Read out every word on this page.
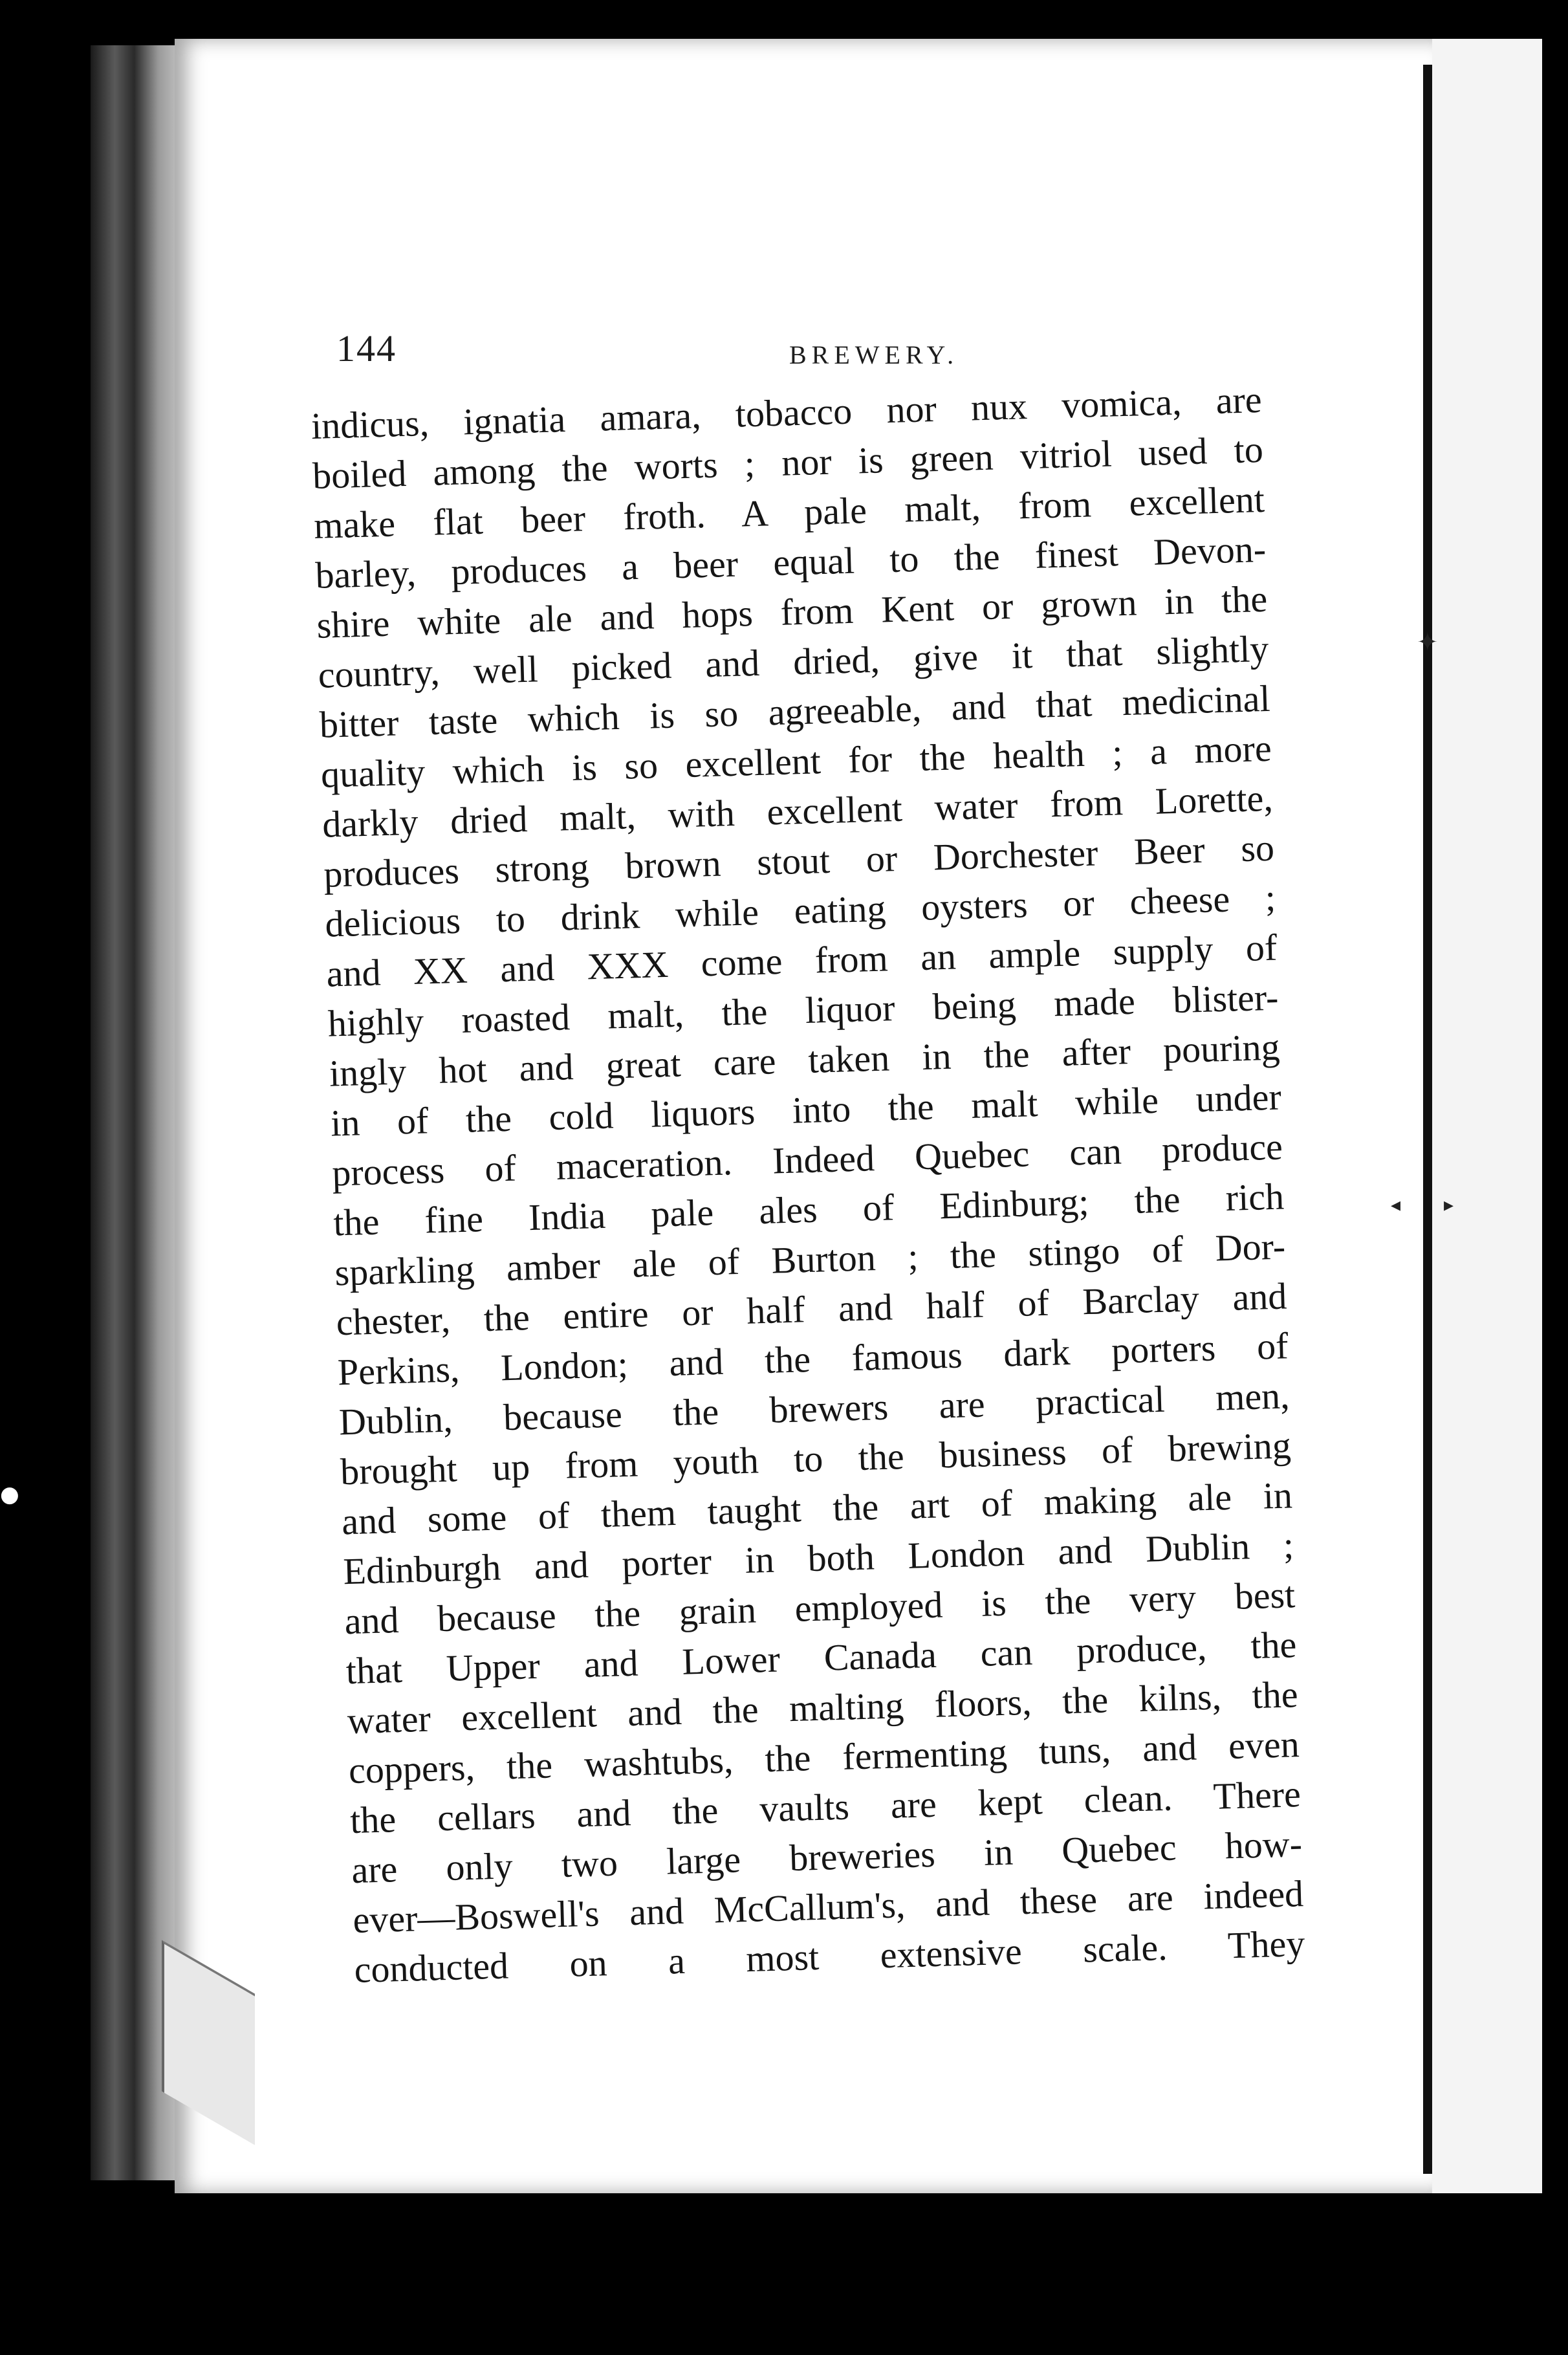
✦
◂ ▸
●
144	BREWERY.
indicus, ignatia amara, tobacco nor nux vomica, are
boiled among the worts ; nor is green vitriol used to
make flat beer froth. A pale malt, from excellent
barley, produces a beer equal to the finest Devon-
shire white ale and hops from Kent or grown in the
country, well picked and dried, give it that slightly
bitter taste which is so agreeable, and that medicinal
quality which is so excellent for the health ; a more
darkly dried malt, with excellent water from Lorette,
produces strong brown stout or Dorchester Beer so
delicious to drink while eating oysters or cheese ;
and XX and XXX come from an ample supply of
highly roasted malt, the liquor being made blister-
ingly hot and great care taken in the after pouring
in of the cold liquors into the malt while under
process of maceration. Indeed Quebec can produce
the fine India pale ales of Edinburg; the rich
sparkling amber ale of Burton ; the stingo of Dor-
chester, the entire or half and half of Barclay and
Perkins, London; and the famous dark porters of
Dublin, because the brewers are practical men,
brought up from youth to the business of brewing
and some of them taught the art of making ale in
Edinburgh and porter in both London and Dublin ;
and because the grain employed is the very best
that Upper and Lower Canada can produce, the
water excellent and the malting floors, the kilns, the
coppers, the washtubs, the fermenting tuns, and even
the cellars and the vaults are kept clean. There
are only two large breweries in Quebec how-
ever—Boswell's and McCallum's, and these are indeed
conducted on a most extensive scale. They
